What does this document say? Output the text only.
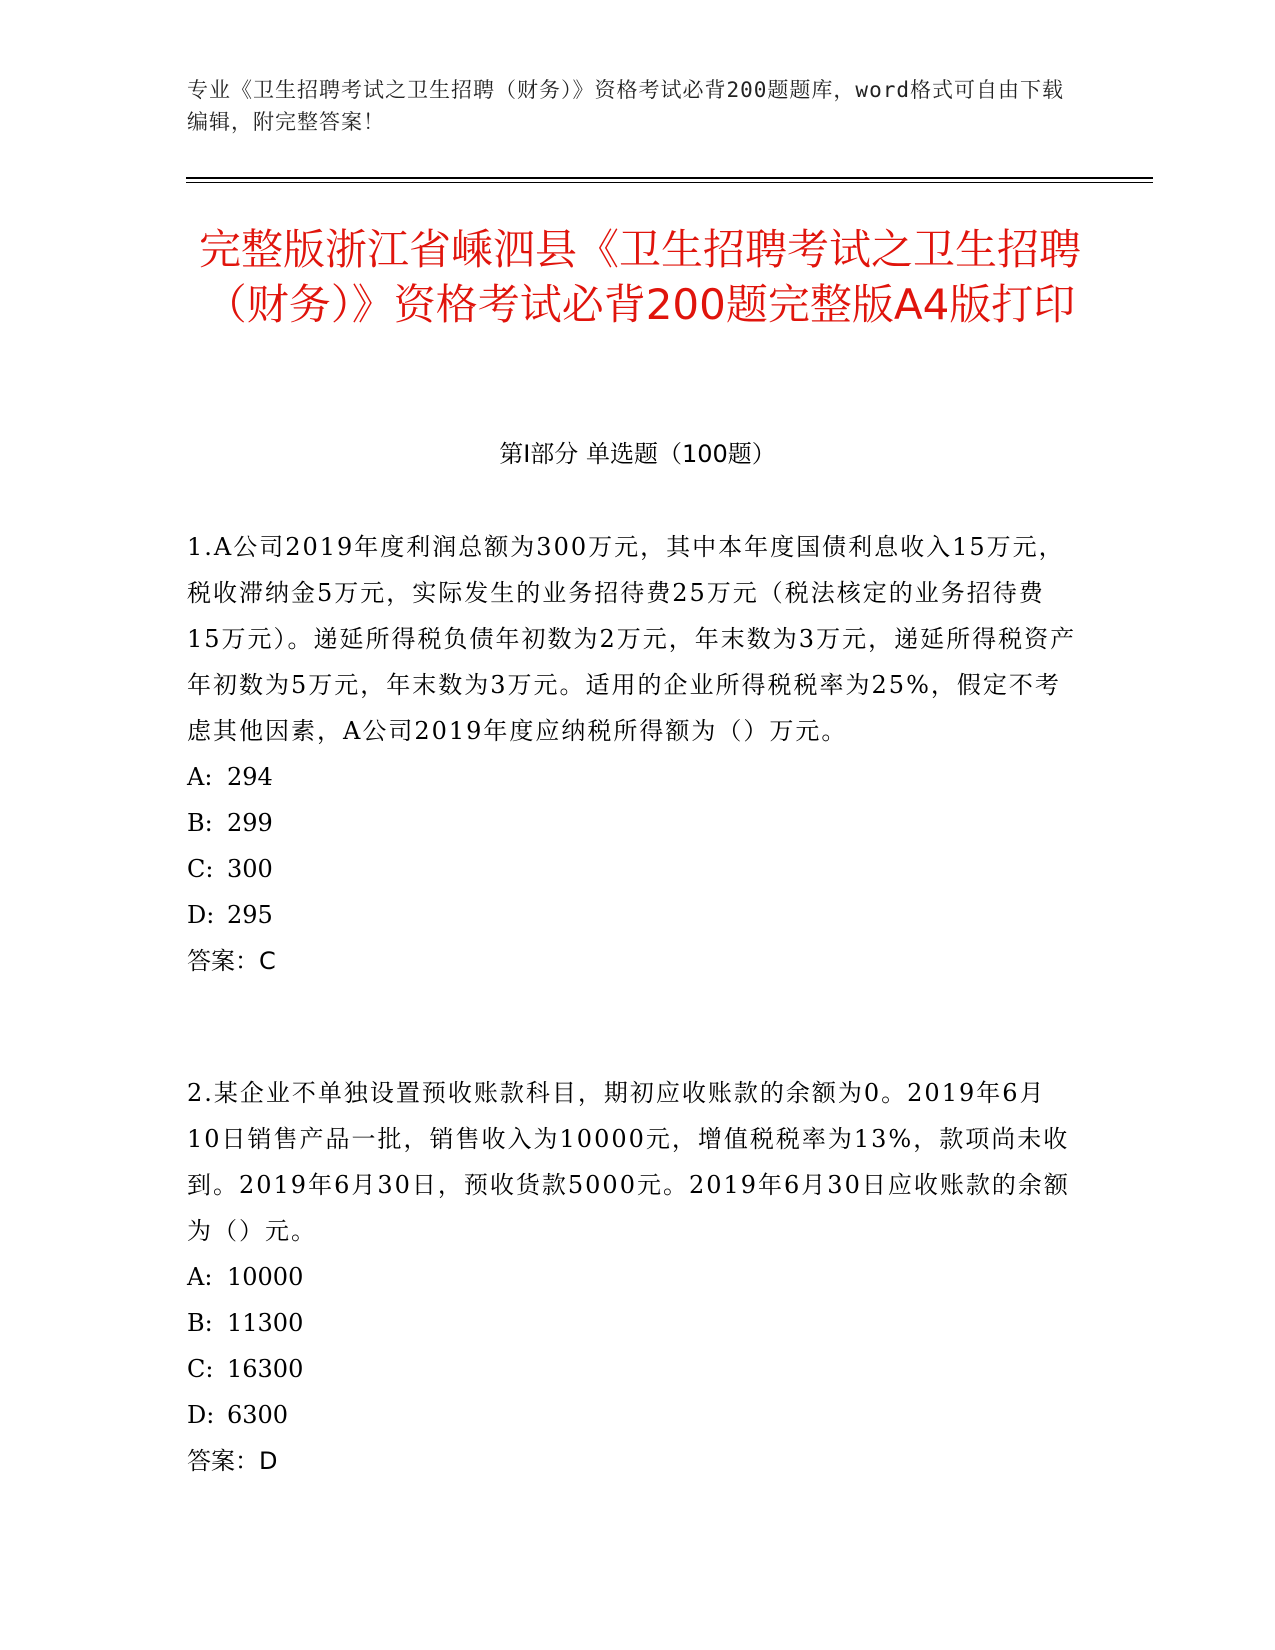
专业《卫生招聘考试之卫生招聘（财务）》资格考试必背200题题库，word格式可自由下载编辑，附完整答案！
完整版浙江省嵊泗县《卫生招聘考试之卫生招聘（财务）》资格考试必背200题完整版A4版打印
第I部分 单选题（100题）

1.A公司2019年度利润总额为300万元，其中本年度国债利息收入15万元，税收滞纳金5万元，实际发生的业务招待费25万元（税法核定的业务招待费15万元）。递延所得税负债年初数为2万元，年末数为3万元，递延所得税资产年初数为5万元，年末数为3万元。适用的企业所得税税率为25%，假定不考虑其他因素，A公司2019年度应纳税所得额为（）万元。

A: 294
B: 299
C: 300
D: 295

答案：C

2.某企业不单独设置预收账款科目，期初应收账款的余额为0。2019年6月10日销售产品一批，销售收入为10000元，增值税税率为13%，款项尚未收到。2019年6月30日，预收货款5000元。2019年6月30日应收账款的余额为（）元。

A: 10000
B: 11300
C: 16300
D: 6300

答案：D
